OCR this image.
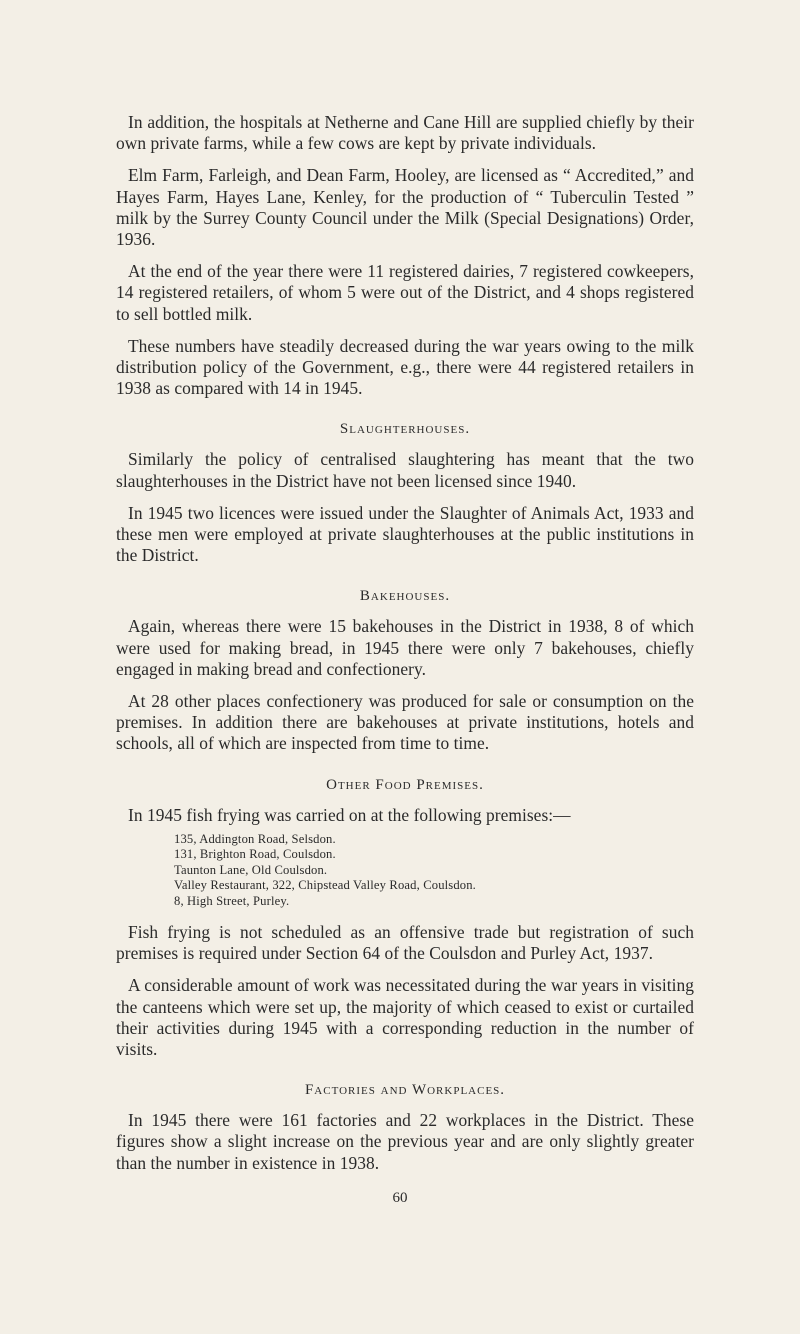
In addition, the hospitals at Netherne and Cane Hill are supplied chiefly by their own private farms, while a few cows are kept by private individuals.

Elm Farm, Farleigh, and Dean Farm, Hooley, are licensed as “ Accredited,” and Hayes Farm, Hayes Lane, Kenley, for the production of “ Tuberculin Tested ” milk by the Surrey County Council under the Milk (Special Designations) Order, 1936.

At the end of the year there were 11 registered dairies, 7 registered cowkeepers, 14 registered retailers, of whom 5 were out of the District, and 4 shops registered to sell bottled milk.

These numbers have steadily decreased during the war years owing to the milk distribution policy of the Government, e.g., there were 44 registered retailers in 1938 as compared with 14 in 1945.

Slaughterhouses.

Similarly the policy of centralised slaughtering has meant that the two slaughterhouses in the District have not been licensed since 1940.

In 1945 two licences were issued under the Slaughter of Animals Act, 1933 and these men were employed at private slaughterhouses at the public institutions in the District.

Bakehouses.

Again, whereas there were 15 bakehouses in the District in 1938, 8 of which were used for making bread, in 1945 there were only 7 bakehouses, chiefly engaged in making bread and confectionery.

At 28 other places confectionery was produced for sale or consumption on the premises. In addition there are bakehouses at private institutions, hotels and schools, all of which are inspected from time to time.

Other Food Premises.

In 1945 fish frying was carried on at the following premises:—

135, Addington Road, Selsdon.
131, Brighton Road, Coulsdon.
Taunton Lane, Old Coulsdon.
Valley Restaurant, 322, Chipstead Valley Road, Coulsdon.
8, High Street, Purley.

Fish frying is not scheduled as an offensive trade but registration of such premises is required under Section 64 of the Coulsdon and Purley Act, 1937.

A considerable amount of work was necessitated during the war years in visiting the canteens which were set up, the majority of which ceased to exist or curtailed their activities during 1945 with a corresponding reduction in the number of visits.

Factories and Workplaces.

In 1945 there were 161 factories and 22 workplaces in the District. These figures show a slight increase on the previous year and are only slightly greater than the number in existence in 1938.

60
